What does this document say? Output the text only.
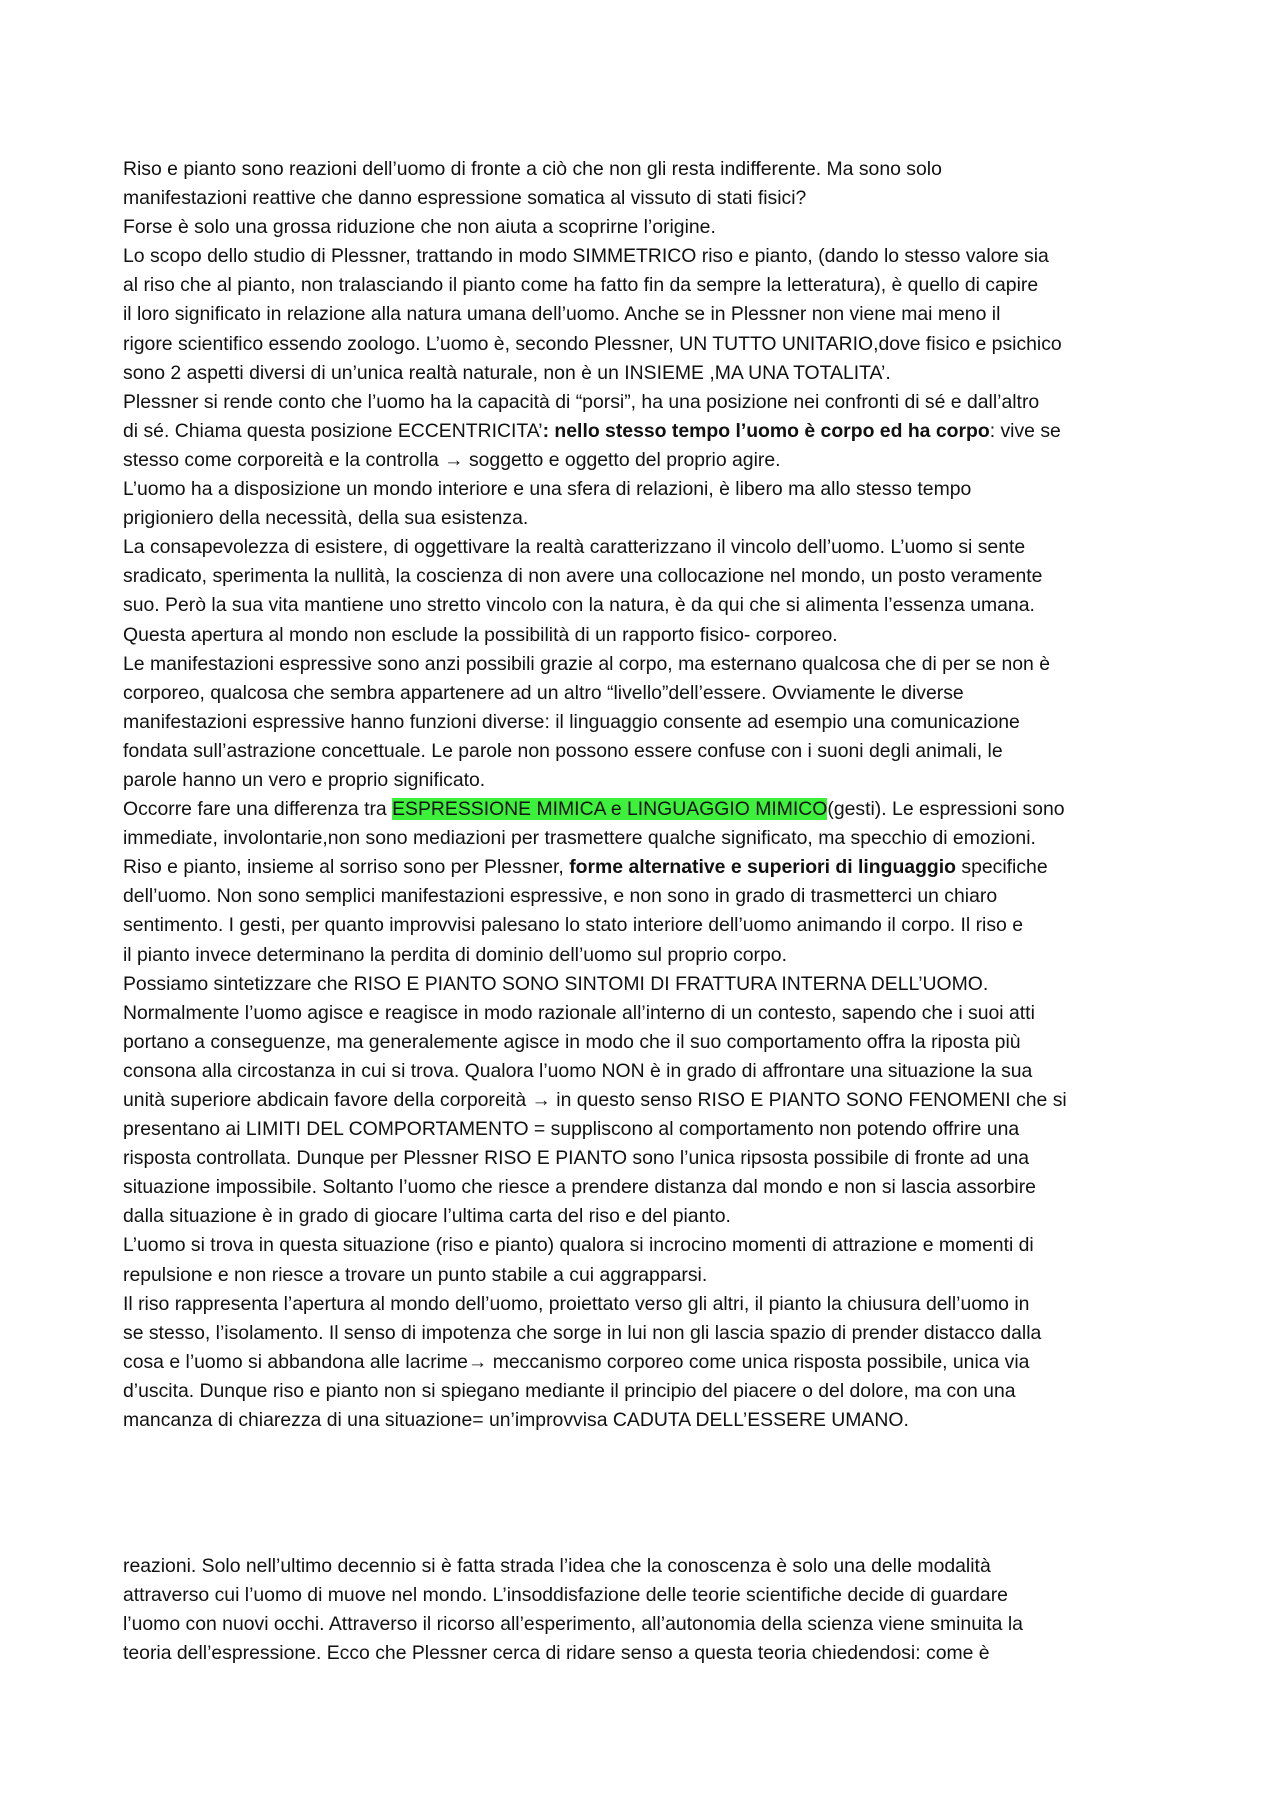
Riso e pianto sono reazioni dell’uomo di fronte a ciò che non gli resta indifferente. Ma sono solo
manifestazioni reattive che danno espressione somatica al vissuto di stati fisici?
Forse è solo una grossa riduzione che non aiuta a scoprirne l’origine.
Lo scopo dello studio di Plessner, trattando in modo SIMMETRICO riso e pianto, (dando lo stesso valore sia
al riso che al pianto, non tralasciando il pianto come ha fatto fin da sempre la letteratura), è quello di capire
il loro significato in relazione alla natura umana dell’uomo. Anche se in Plessner non viene mai meno il
rigore scientifico essendo zoologo. L’uomo è, secondo Plessner, UN TUTTO UNITARIO,dove fisico e psichico
sono 2 aspetti diversi di un’unica realtà naturale, non è un INSIEME ,MA UNA TOTALITA’.
Plessner si rende conto che l’uomo ha la capacità di “porsi”, ha una posizione nei confronti di sé e dall’altro
di sé. Chiama questa posizione ECCENTRICITA’: nello stesso tempo l’uomo è corpo ed ha corpo: vive se
stesso come corporeità e la controlla → soggetto e oggetto del proprio agire.
L’uomo ha a disposizione un mondo interiore e una sfera di relazioni, è libero ma allo stesso tempo
prigioniero della necessità, della sua esistenza.
La consapevolezza di esistere, di oggettivare la realtà caratterizzano il vincolo dell’uomo. L’uomo si sente
sradicato, sperimenta la nullità, la coscienza di non avere una collocazione nel mondo, un posto veramente
suo. Però la sua vita mantiene uno stretto vincolo con la natura, è da qui che si alimenta l’essenza umana.
Questa apertura al mondo non esclude la possibilità di un rapporto fisico- corporeo.
Le manifestazioni espressive sono anzi possibili grazie al corpo, ma esternano qualcosa che di per se non è
corporeo, qualcosa che sembra appartenere ad un altro “livello”dell’essere. Ovviamente le diverse
manifestazioni espressive hanno funzioni diverse: il linguaggio consente ad esempio una comunicazione
fondata sull’astrazione concettuale. Le parole non possono essere confuse con i suoni degli animali, le
parole hanno un vero e proprio significato.
Occorre fare una differenza tra ESPRESSIONE MIMICA e LINGUAGGIO MIMICO(gesti). Le espressioni sono
immediate, involontarie,non sono mediazioni per trasmettere qualche significato, ma specchio di emozioni.
Riso e pianto, insieme al sorriso sono per Plessner, forme alternative e superiori di linguaggio specifiche
dell’uomo. Non sono semplici manifestazioni espressive, e non sono in grado di trasmetterci un chiaro
sentimento. I gesti, per quanto improvvisi palesano lo stato interiore dell’uomo animando il corpo. Il riso e
il pianto invece determinano la perdita di dominio dell’uomo sul proprio corpo.
Possiamo sintetizzare che RISO E PIANTO SONO SINTOMI DI FRATTURA INTERNA DELL’UOMO.
Normalmente l’uomo agisce e reagisce in modo razionale all’interno di un contesto, sapendo che i suoi atti
portano a conseguenze, ma generalemente agisce in modo che il suo comportamento offra la riposta più
consona alla circostanza in cui si trova. Qualora l’uomo NON è in grado di affrontare una situazione la sua
unità superiore abdicain favore della corporeità → in questo senso RISO E PIANTO SONO FENOMENI che si
presentano ai LIMITI DEL COMPORTAMENTO = suppliscono al comportamento non potendo offrire una
risposta controllata. Dunque per Plessner RISO E PIANTO sono l’unica ripsosta possibile di fronte ad una
situazione impossibile. Soltanto l’uomo che riesce a prendere distanza dal mondo e non si lascia assorbire
dalla situazione è in grado di giocare l’ultima carta del riso e del pianto.
L’uomo si trova in questa situazione (riso e pianto) qualora si incrocino momenti di attrazione e momenti di
repulsione e non riesce a trovare un punto stabile a cui aggrapparsi.
Il riso rappresenta l’apertura al mondo dell’uomo, proiettato verso gli altri, il pianto la chiusura dell’uomo in
se stesso, l’isolamento. Il senso di impotenza che sorge in lui non gli lascia spazio di prender distacco dalla
cosa e l’uomo si abbandona alle lacrime→ meccanismo corporeo come unica risposta possibile, unica via
d’uscita. Dunque riso e pianto non si spiegano mediante il principio del piacere o del dolore, ma con una
mancanza di chiarezza di una situazione= un’improvvisa CADUTA DELL’ESSERE UMANO.
reazioni. Solo nell’ultimo decennio si è fatta strada l’idea che la conoscenza è solo una delle modalità
attraverso cui l’uomo di muove nel mondo. L’insoddisfazione delle teorie scientifiche decide di guardare
l’uomo con nuovi occhi. Attraverso il ricorso all’esperimento, all’autonomia della scienza viene sminuita la
teoria dell’espressione. Ecco che Plessner cerca di ridare senso a questa teoria chiedendosi: come è
